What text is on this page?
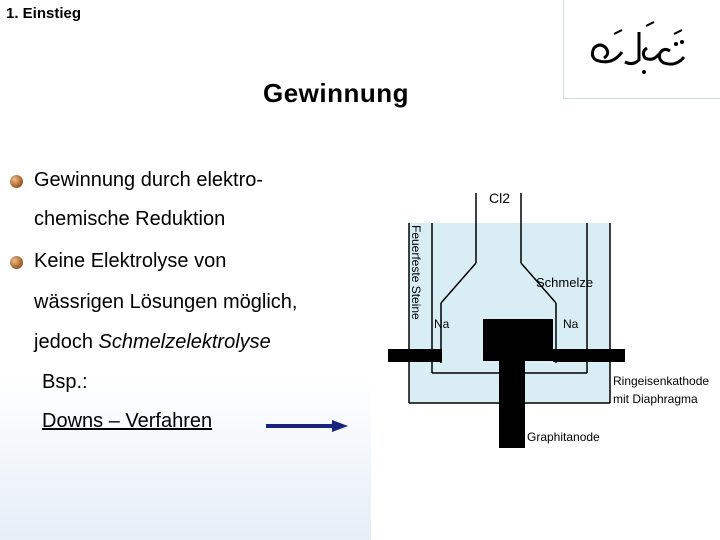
1. Einstieg
Gewinnung
Gewinnung durch elektro-
chemische Reduktion
Keine Elektrolyse von
wässrigen Lösungen möglich,
jedoch Schmelzelektrolyse
Bsp.:
Downs – Verfahren
Cl2
Feuerfeste Steine	Schmelze
Na	Na
Ringeisenkathode
mit Diaphragma
Graphitanode
